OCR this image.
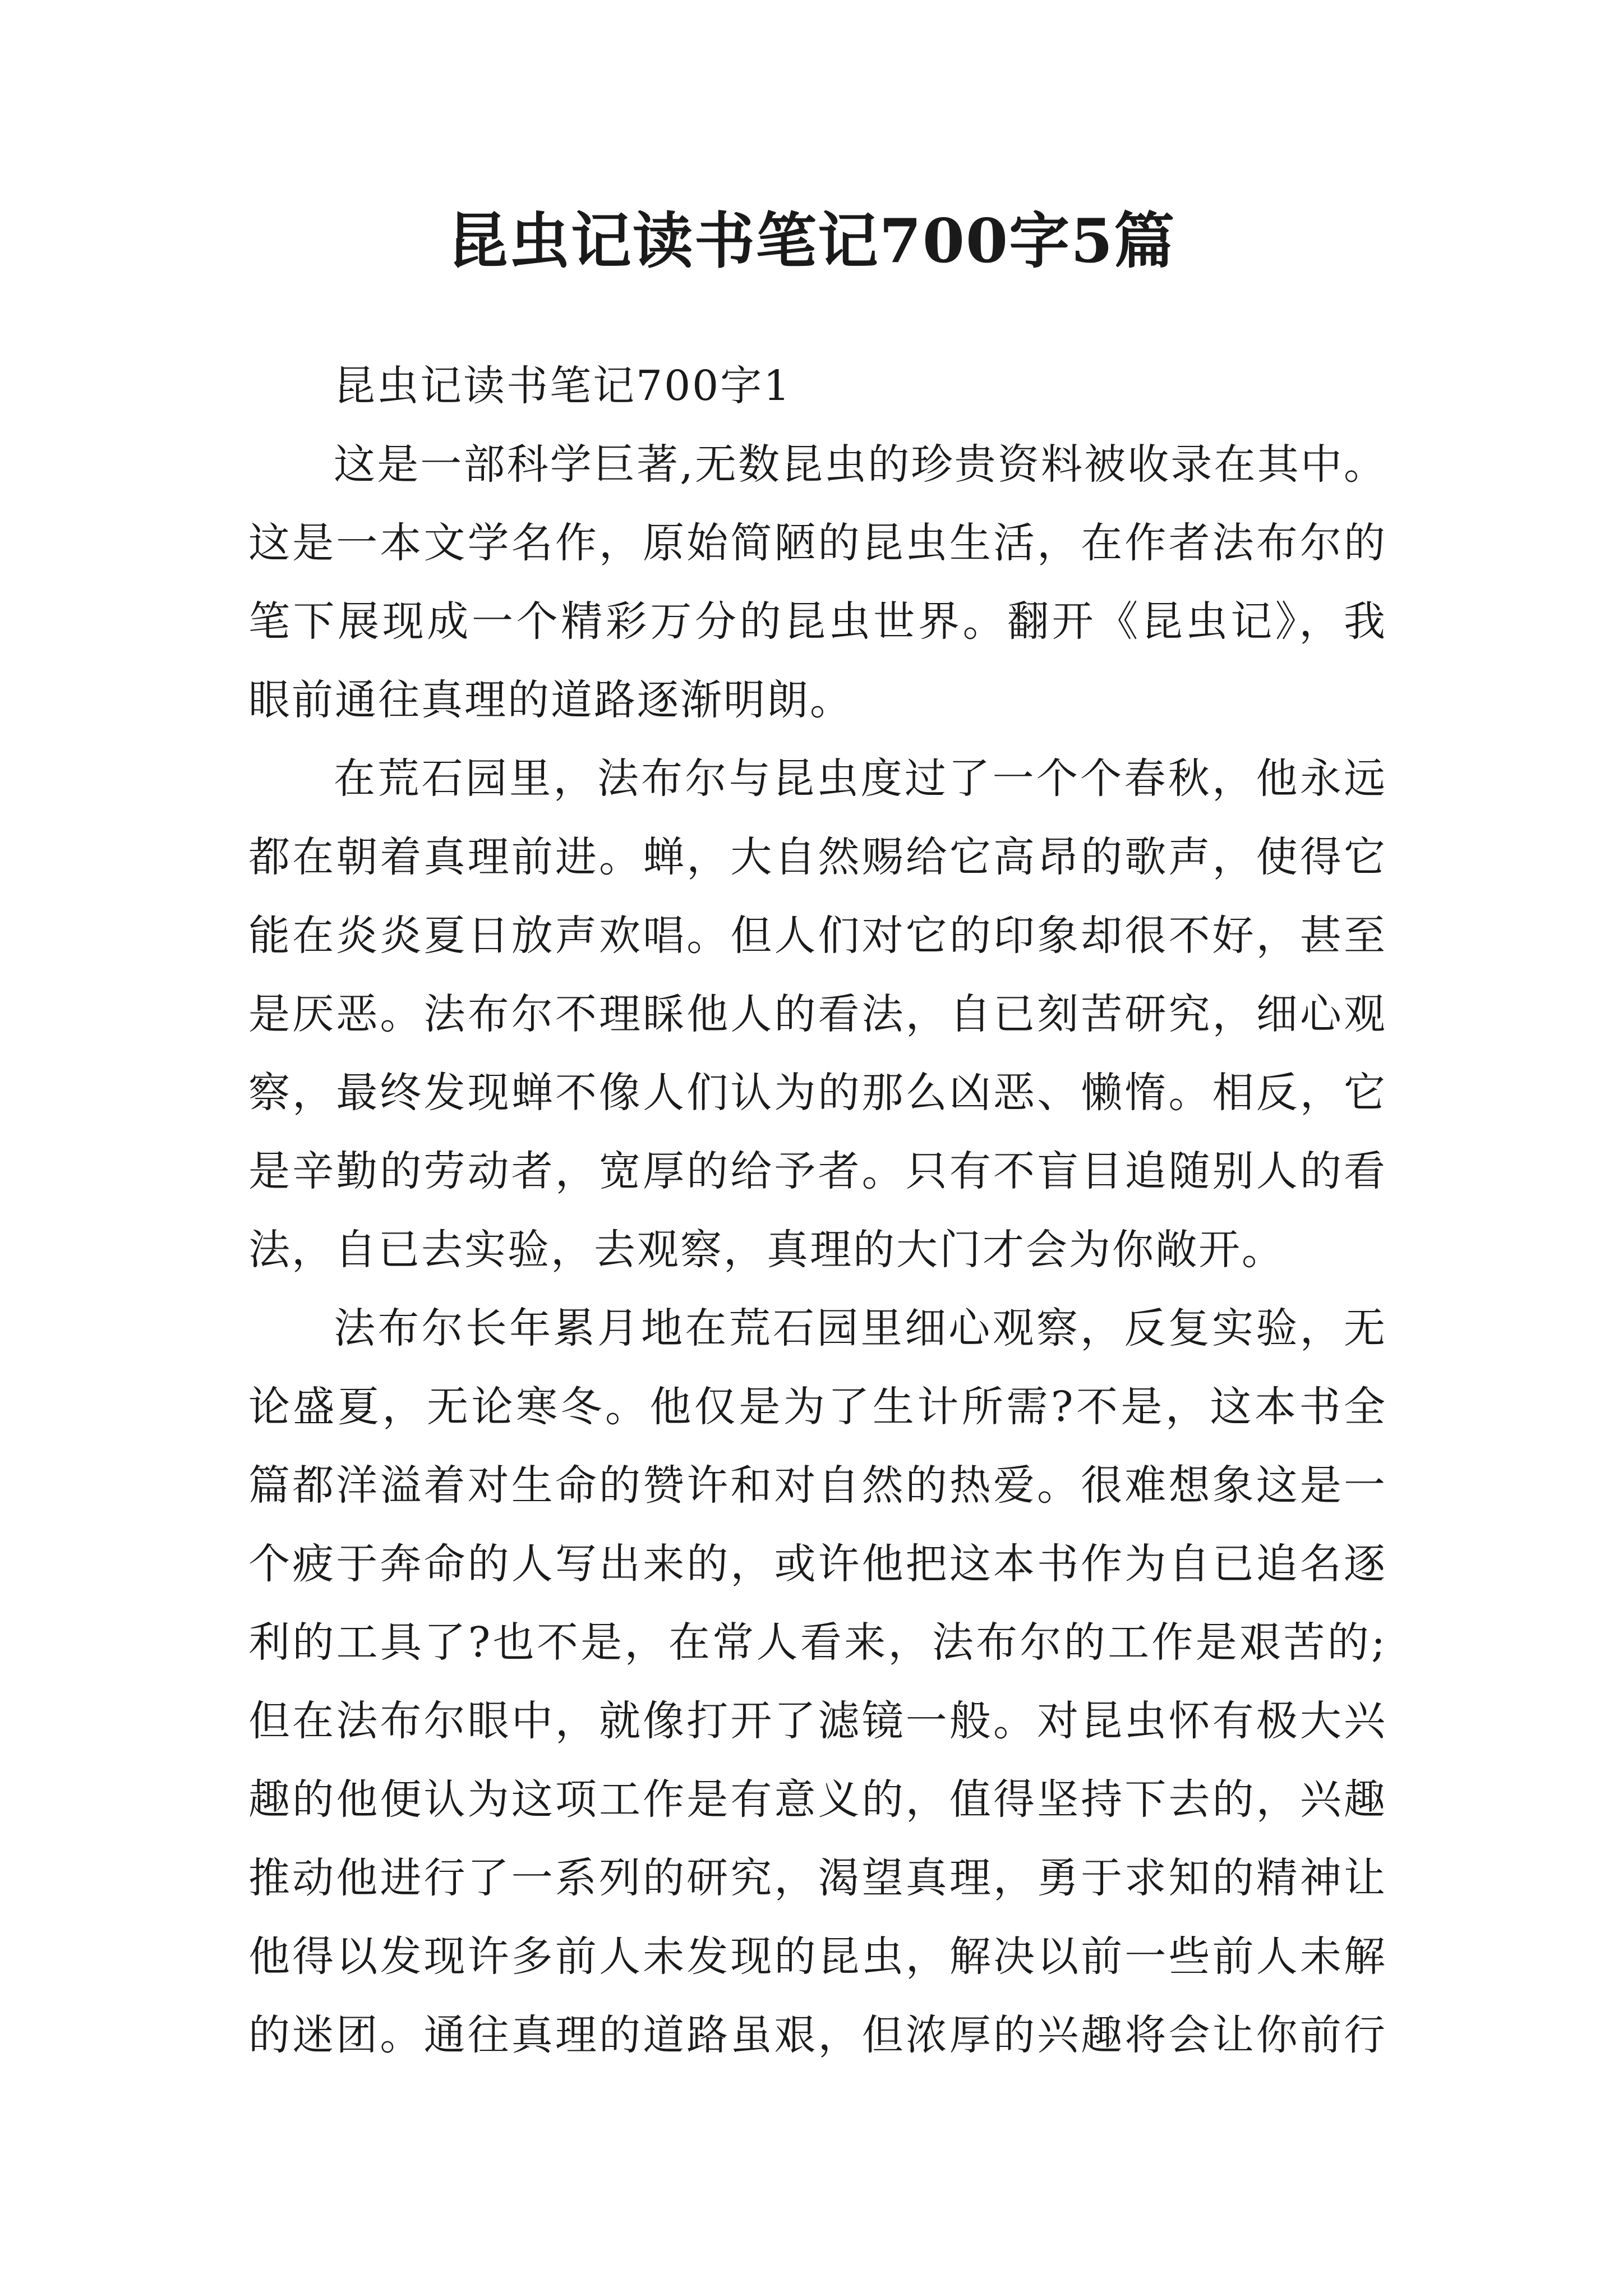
昆虫记读书笔记700字5篇

昆虫记读书笔记700字1

这是一部科学巨著,无数昆虫的珍贵资料被收录在其中。这是一本文学名作，原始简陋的昆虫生活，在作者法布尔的笔下展现成一个精彩万分的昆虫世界。翻开《昆虫记》，我眼前通往真理的道路逐渐明朗。

在荒石园里，法布尔与昆虫度过了一个个春秋，他永远都在朝着真理前进。蝉，大自然赐给它高昂的歌声，使得它能在炎炎夏日放声欢唱。但人们对它的印象却很不好，甚至是厌恶。法布尔不理睬他人的看法，自已刻苦研究，细心观察，最终发现蝉不像人们认为的那么凶恶、懒惰。相反，它是辛勤的劳动者，宽厚的给予者。只有不盲目追随别人的看法，自已去实验，去观察，真理的大门才会为你敞开。

法布尔长年累月地在荒石园里细心观察，反复实验，无论盛夏，无论寒冬。他仅是为了生计所需?不是，这本书全篇都洋溢着对生命的赞许和对自然的热爱。很难想象这是一个疲于奔命的人写出来的，或许他把这本书作为自已追名逐利的工具了?也不是，在常人看来，法布尔的工作是艰苦的;但在法布尔眼中，就像打开了滤镜一般。对昆虫怀有极大兴趣的他便认为这项工作是有意义的，值得坚持下去的，兴趣推动他进行了一系列的研究，渴望真理，勇于求知的精神让他得以发现许多前人未发现的昆虫，解决以前一些前人未解的迷团。通往真理的道路虽艰，但浓厚的兴趣将会让你前行
